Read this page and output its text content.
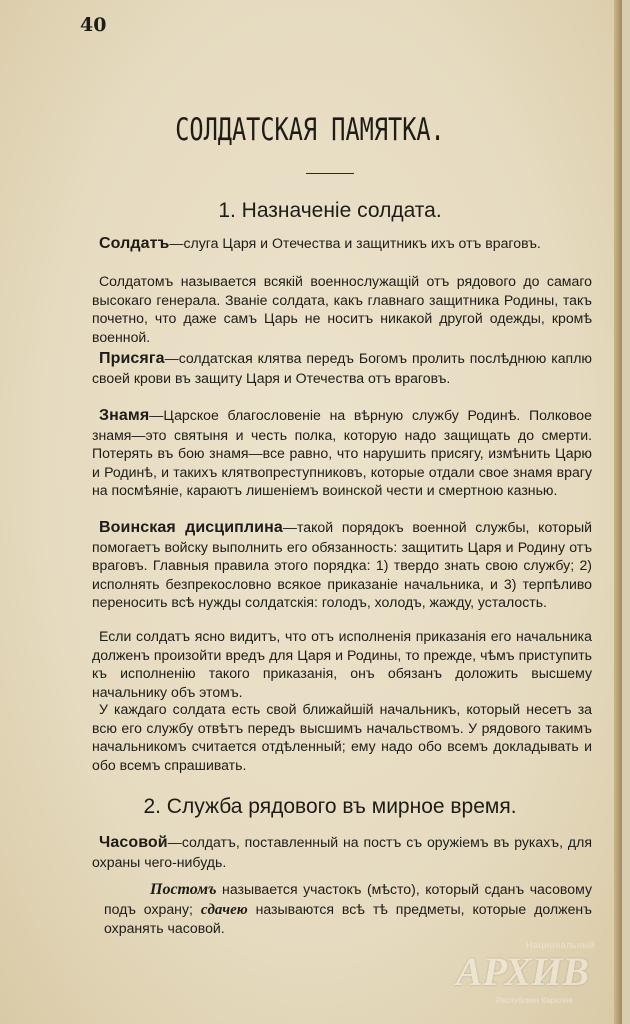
40
СОЛДАТСКАЯ ПАМЯТКА.
1. Назначеніе солдата.
Солдатъ—слуга Царя и Отечества и защитникъ ихъ отъ враговъ.
Солдатомъ называется всякій военнослужащій отъ рядового до самаго высокаго генерала. Званіе солдата, какъ главнаго защитника Родины, такъ почетно, что даже самъ Царь не носитъ никакой другой одежды, кромѣ военной.
Присяга—солдатская клятва передъ Богомъ пролить послѣднюю каплю своей крови въ защиту Царя и Отечества отъ враговъ.
Знамя—Царское благословеніе на вѣрную службу Родинѣ. Полковое знамя—это святыня и честь полка, которую надо защищать до смерти. Потерять въ бою знамя—все равно, что нарушить присягу, измѣнить Царю и Родинѣ, и такихъ клятвопреступниковъ, которые отдали свое знамя врагу на посмѣяніе, караютъ лишеніемъ воинской чести и смертною казнью.
Воинская дисциплина—такой порядокъ военной службы, который помогаетъ войску выполнить его обязанность: защитить Царя и Родину отъ враговъ. Главныя правила этого порядка: 1) твердо знать свою службу; 2) исполнять безпрекословно всякое приказаніе начальника, и 3) терпѣливо переносить всѣ нужды солдатскія: голодъ, холодъ, жажду, усталость.
Если солдатъ ясно видитъ, что отъ исполненія приказанія его начальника долженъ произойти вредъ для Царя и Родины, то прежде, чѣмъ приступить къ исполненію такого приказанія, онъ обязанъ доложить высшему начальнику объ этомъ.
У каждаго солдата есть свой ближайшій начальникъ, который несетъ за всю его службу отвѣтъ передъ высшимъ начальствомъ. У рядового такимъ начальникомъ считается отдѣленный; ему надо обо всемъ докладывать и обо всемъ спрашивать.
2. Служба рядового въ мирное время.
Часовой—солдатъ, поставленный на постъ съ оружіемъ въ рукахъ, для охраны чего-нибудь.
Постомъ называется участокъ (мѣсто), который сданъ часовому подъ охрану; сдачею называются всѣ тѣ предметы, которые долженъ охранять часовой.
Национальный
АРХИВ
Республики Карелия
